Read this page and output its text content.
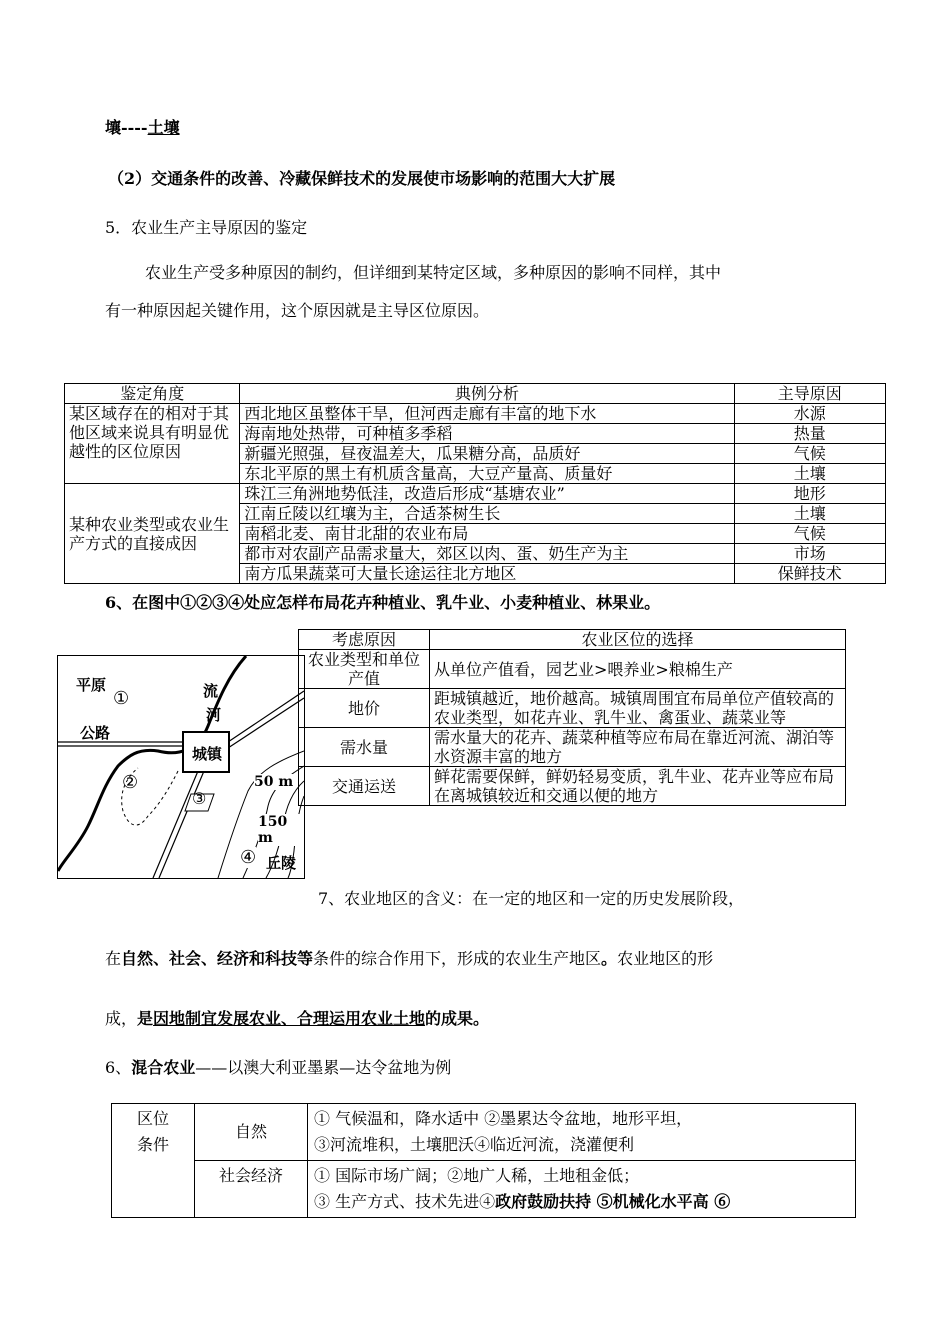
壤----土壤
（2）交通条件的改善、冷藏保鲜技术的发展使市场影响的范围大大扩展
5．农业生产主导原因的鉴定
农业生产受多种原因的制约，但详细到某特定区域，多种原因的影响不同样，其中
有一种原因起关键作用，这个原因就是主导区位原因。
鉴定角度	典例分析	主导原因
某区域存在的相对于其他区域来说具有明显优越性的区位原因	西北地区虽整体干旱，但河西走廊有丰富的地下水	水源
	海南地处热带，可种植多季稻	热量
	新疆光照强，昼夜温差大，瓜果糖分高，品质好	气候
	东北平原的黑土有机质含量高，大豆产量高、质量好	土壤
某种农业类型或农业生产方式的直接成因	珠江三角洲地势低洼，改造后形成“基塘农业”	地形
	江南丘陵以红壤为主，合适茶树生长	土壤
	南稻北麦、南甘北甜的农业布局	气候
	都市对农副产品需求量大，郊区以肉、蛋、奶生产为主	市场
	南方瓜果蔬菜可大量长途运往北方地区	保鲜技术
6、在图中①②③④处应怎样布局花卉种植业、乳牛业、小麦种植业、林果业。
平原
①	流
河
公路
城镇
②
③
50 m
150 m
④ 丘陵
考虑原因	农业区位的选择
农业类型和单位产值	从单位产值看，园艺业>喂养业>粮棉生产
地价	距城镇越近，地价越高。城镇周围宜布局单位产值较高的农业类型，如花卉业、乳牛业、禽蛋业、蔬菜业等
需水量	需水量大的花卉、蔬菜种植等应布局在靠近河流、湖泊等水资源丰富的地方
交通运送	鲜花需要保鲜，鲜奶轻易变质，乳牛业、花卉业等应布局在离城镇较近和交通以便的地方
7、农业地区的含义：在一定的地区和一定的历史发展阶段，
在自然、社会、经济和科技等条件的综合作用下，形成的农业生产地区。农业地区的形
成，是因地制宜发展农业、合理运用农业土地的成果。
6、混合农业——以澳大利亚墨累—达令盆地为例
区位条件	自然	① 气候温和，降水适中 ②墨累达令盆地，地形平坦，
③河流堆积，土壤肥沃④临近河流，浇灌便利

	社会经济	① 国际市场广阔；②地广人稀，土地租金低；
③ 生产方式、技术先进④政府鼓励扶持 ⑤机械化水平高 ⑥
